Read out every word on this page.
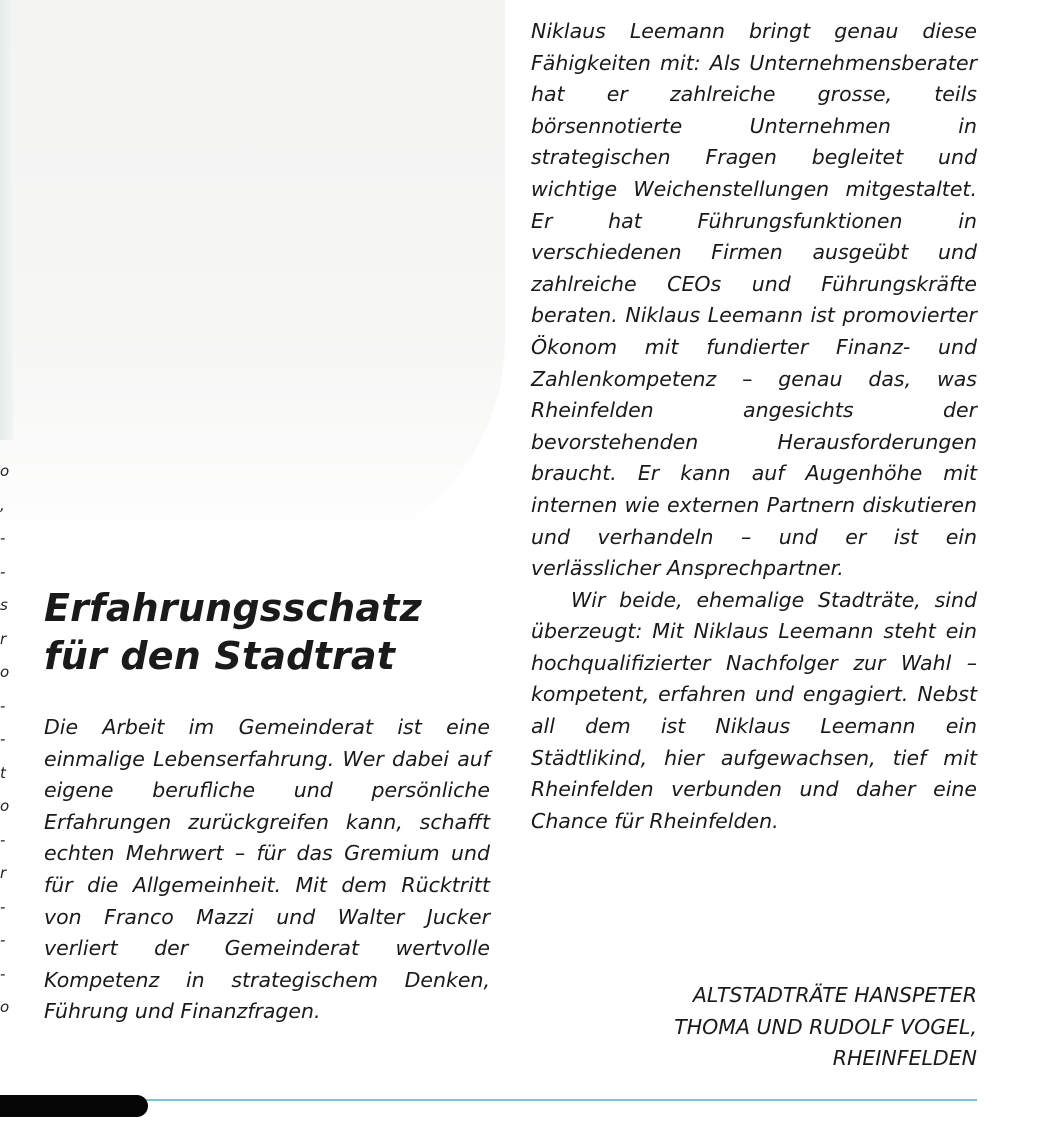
o
,
-
-
s
r
o
-
-
t
o
-
r
-
-
-
o
Erfahrungsschatz
für den Stadtrat

Die Arbeit im Gemeinderat ist eine einmalige Lebenserfahrung. Wer dabei auf eigene berufliche und persönliche Erfahrungen zurückgreifen kann, schafft echten Mehrwert – für das Gremium und für die Allgemeinheit. Mit dem Rücktritt von Franco Mazzi und Walter Jucker verliert der Gemeinderat wertvolle Kompetenz in strategischem Denken, Führung und Finanzfragen.

Niklaus Leemann bringt genau diese Fähigkeiten mit: Als Unternehmensberater hat er zahlreiche grosse, teils börsennotierte Unternehmen in strategischen Fragen begleitet und wichtige Weichenstellungen mitgestaltet. Er hat Führungsfunktionen in verschiedenen Firmen ausgeübt und zahlreiche CEOs und Führungskräfte beraten. Niklaus Leemann ist promovierter Ökonom mit fundierter Finanz- und Zahlenkompetenz – genau das, was Rheinfelden angesichts der bevorstehenden Herausforderungen braucht. Er kann auf Augenhöhe mit internen wie externen Partnern diskutieren und verhandeln – und er ist ein verlässlicher Ansprechpartner.

Wir beide, ehemalige Stadträte, sind überzeugt: Mit Niklaus Leemann steht ein hochqualifizierter Nachfolger zur Wahl – kompetent, erfahren und engagiert. Nebst all dem ist Niklaus Leemann ein Städtlikind, hier aufgewachsen, tief mit Rheinfelden verbunden und daher eine Chance für Rheinfelden.

ALTSTADTRÄTE HANSPETER
THOMA UND RUDOLF VOGEL,
RHEINFELDEN
